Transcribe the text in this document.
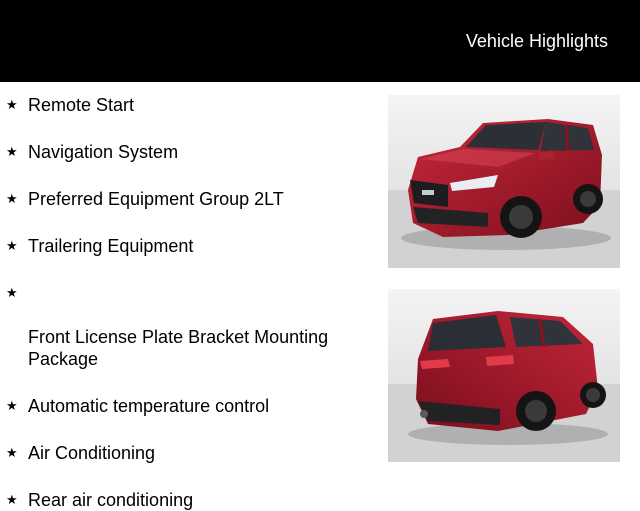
Vehicle Highlights
★ Remote Start
★ Navigation System
★ Preferred Equipment Group 2LT
★ Trailering Equipment

★

Front License Plate Bracket Mounting
Package

★ Automatic temperature control
★ Air Conditioning
★ Rear air conditioning
